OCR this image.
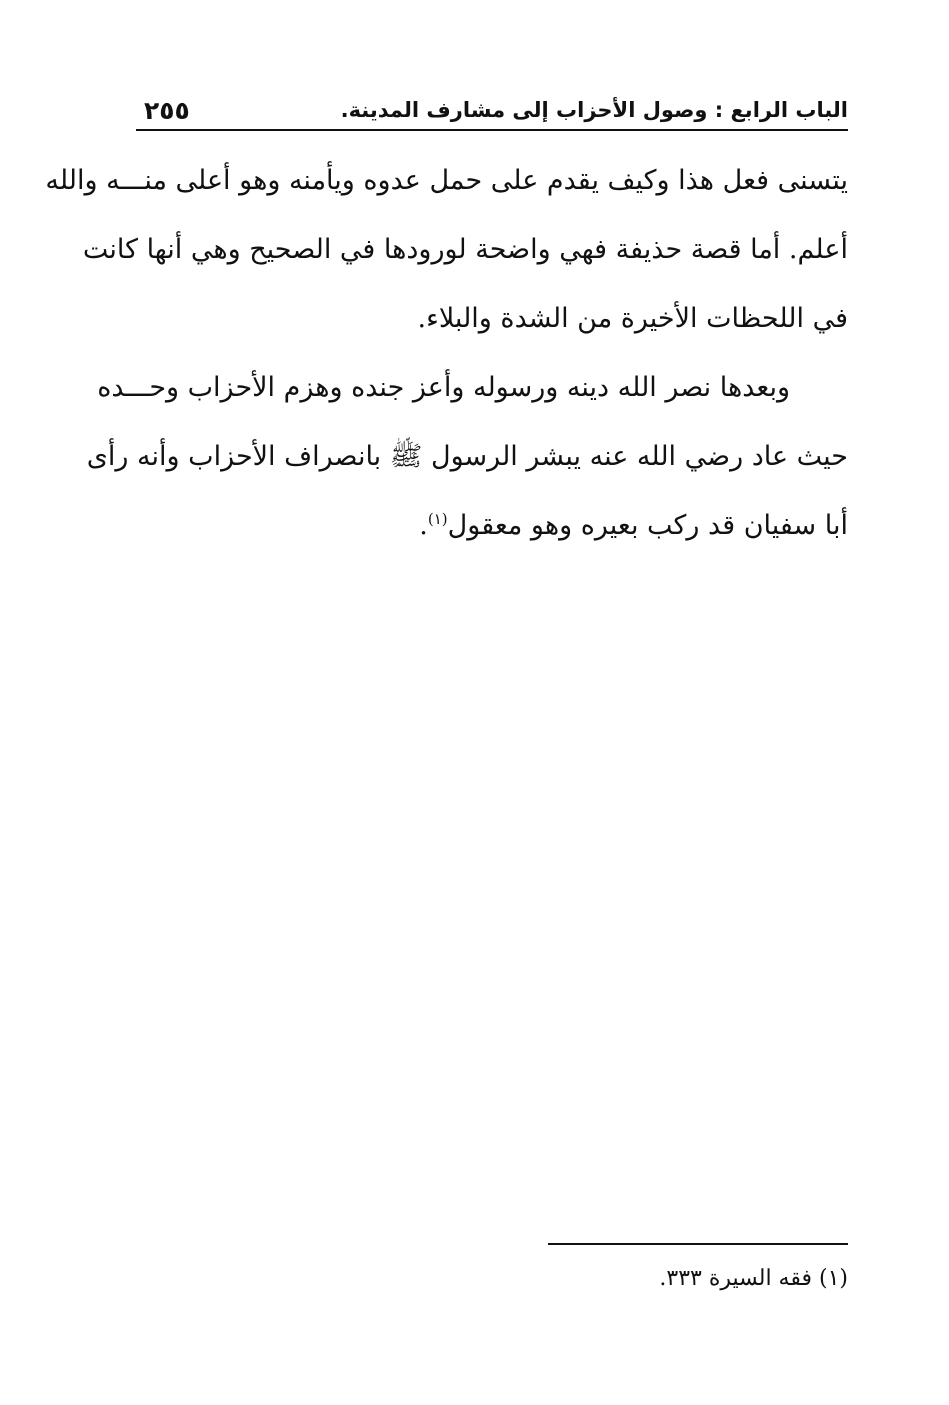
الباب الرابع : وصول الأحزاب إلى مشارف المدينة.
٢٥٥
يتسنى فعل هذا وكيف يقدم على حمل عدوه ويأمنه وهو أعلى منـــه والله
أعلم. أما قصة حذيفة فهي واضحة لورودها في الصحيح وهي أنها كانت
في اللحظات الأخيرة من الشدة والبلاء.
وبعدها نصر الله دينه ورسوله وأعز جنده وهزم الأحزاب وحـــده
حيث عاد رضي الله عنه يبشر الرسول ﷺ بانصراف الأحزاب وأنه رأى
أبا سفيان قد ركب بعيره وهو معقول$^{(١)}$.
(١) فقه السيرة ٣٣٣.
